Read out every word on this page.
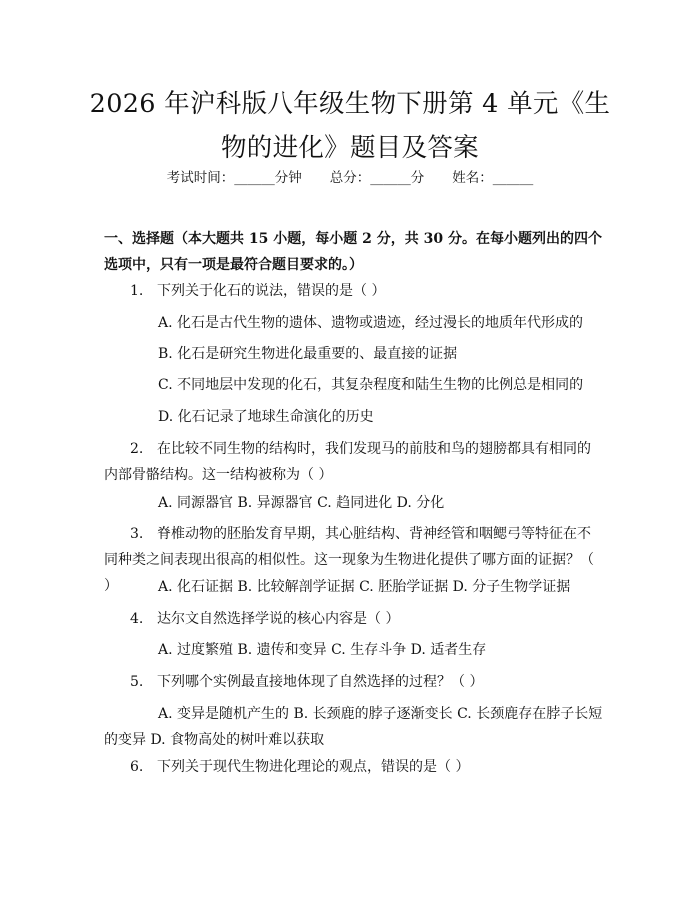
2026 年沪科版八年级生物下册第 4 单元《生物的进化》题目及答案
考试时间：______分钟 总分：______分 姓名：______
一、选择题（本大题共 15 小题，每小题 2 分，共 30 分。在每小题列出的四个选项中，只有一项是最符合题目要求的。）
1. 下列关于化石的说法，错误的是（ ）
A. 化石是古代生物的遗体、遗物或遗迹，经过漫长的地质年代形成的
B. 化石是研究生物进化最重要的、最直接的证据
C. 不同地层中发现的化石，其复杂程度和陆生生物的比例总是相同的
D. 化石记录了地球生命演化的历史
2. 在比较不同生物的结构时，我们发现马的前肢和鸟的翅膀都具有相同的内部骨骼结构。这一结构被称为（ ）
A. 同源器官 B. 异源器官 C. 趋同进化 D. 分化
3. 脊椎动物的胚胎发育早期，其心脏结构、背神经管和咽鳃弓等特征在不同种类之间表现出很高的相似性。这一现象为生物进化提供了哪方面的证据？（ ）	A. 化石证据 B. 比较解剖学证据 C. 胚胎学证据 D. 分子生物学证据
4. 达尔文自然选择学说的核心内容是（ ）
A. 过度繁殖 B. 遗传和变异 C. 生存斗争 D. 适者生存
5. 下列哪个实例最直接地体现了自然选择的过程？（ ）
A. 变异是随机产生的 B. 长颈鹿的脖子逐渐变长 C. 长颈鹿存在脖子长短的变异 D. 食物高处的树叶难以获取
6. 下列关于现代生物进化理论的观点，错误的是（ ）
